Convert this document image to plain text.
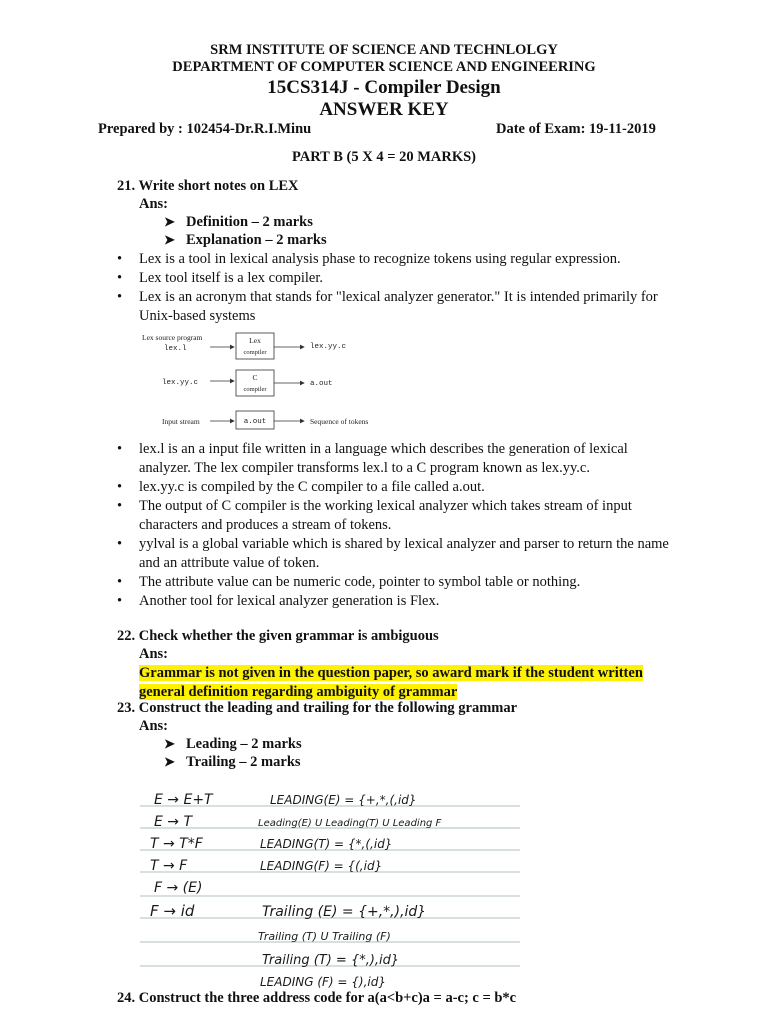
SRM INSTITUTE OF SCIENCE AND TECHNLOLGY
DEPARTMENT OF COMPUTER SCIENCE AND ENGINEERING
15CS314J - Compiler Design
ANSWER KEY
Prepared by : 102454-Dr.R.I.Minu	Date of Exam: 19-11-2019
PART B (5 X 4 = 20 MARKS)
21. Write short notes on LEX
Ans:
➤ Definition – 2 marks
➤ Explanation – 2 marks
• Lex is a tool in lexical analysis phase to recognize tokens using regular expression.
• Lex tool itself is a lex compiler.
• Lex is an acronym that stands for "lexical analyzer generator." It is intended primarily for Unix-based systems
Lex source program
lex.l
Lex
compiler
lex.yy.c
lex.yy.c
C
compiler
a.out
Input stream	a.out	Sequence of tokens
• lex.l is an a input file written in a language which describes the generation of lexical analyzer. The lex compiler transforms lex.l to a C program known as lex.yy.c.
• lex.yy.c is compiled by the C compiler to a file called a.out.
• The output of C compiler is the working lexical analyzer which takes stream of input characters and produces a stream of tokens.
• yylval is a global variable which is shared by lexical analyzer and parser to return the name and an attribute value of token.
• The attribute value can be numeric code, pointer to symbol table or nothing.
• Another tool for lexical analyzer generation is Flex.
22. Check whether the given grammar is ambiguous
Ans:
Grammar is not given in the question paper, so award mark if the student written general definition regarding ambiguity of grammar
23. Construct the leading and trailing for the following grammar
Ans:
➤ Leading – 2 marks
➤ Trailing – 2 marks
E → E+T
E → T
T → T*F
T → F
F → (E)
F → id
LEADING(E) = {+,*,(,id}
Leading(E) U Leading(T) U Leading F
LEADING(T) = {*,(,id}
LEADING(F) = {(,id}
Trailing (E) = {+,*,),id}
Trailing (T) U Trailing (F)
Trailing (T) = {*,),id}
LEADING (F) = {),id}
24. Construct the three address code for a(a<b+c)a = a-c; c = b*c
